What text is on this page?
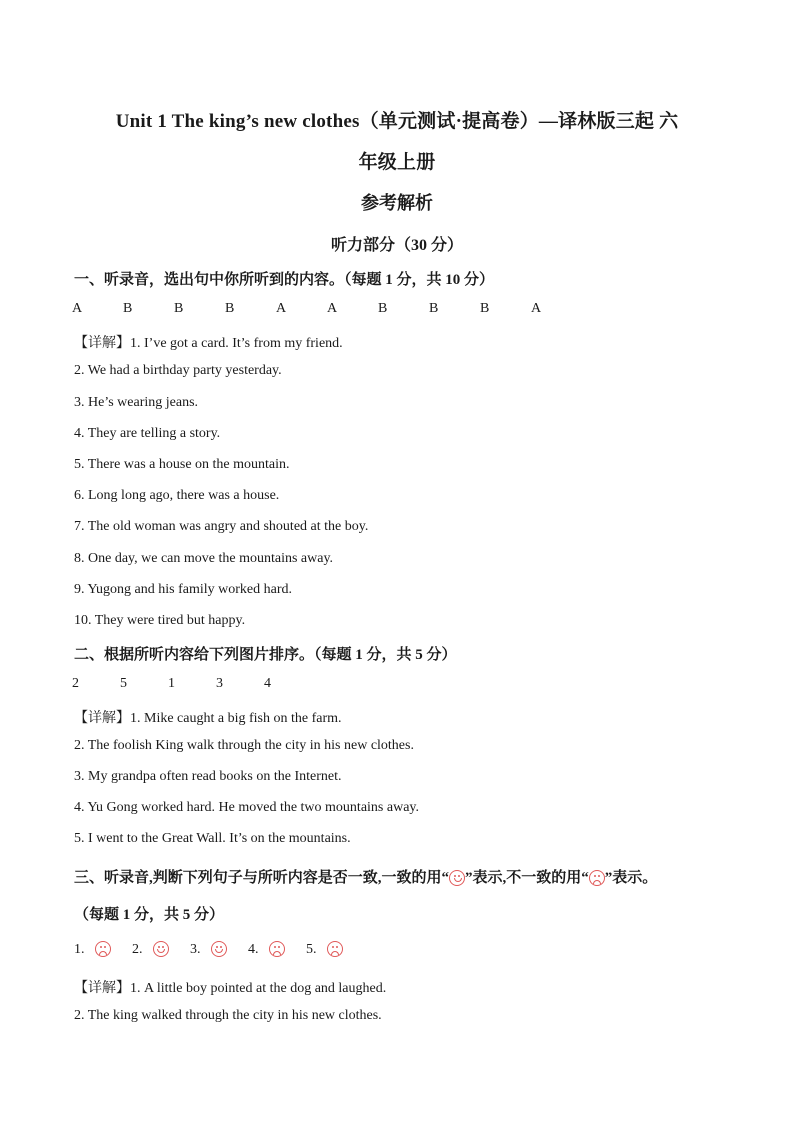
Unit 1 The king’s new clothes（单元测试·提高卷）—译林版三起 六
年级上册
参考解析
听力部分（30 分）
一、听录音，选出句中你所听到的内容。（每题 1 分，共 10 分）
A	B	B	B	A	A	B	B	B	A
【详解】1. I’ve got a card. It’s from my friend.
2. We had a birthday party yesterday.
3. He’s wearing jeans.
4. They are telling a story.
5. There was a house on the mountain.
6. Long long ago, there was a house.
7. The old woman was angry and shouted at the boy.
8. One day, we can move the mountains away.
9. Yugong and his family worked hard.
10. They were tired but happy.
二、根据所听内容给下列图片排序。（每题 1 分，共 5 分）
2	5	1	3	4
【详解】1. Mike caught a big fish on the farm.
2. The foolish King walk through the city in his new clothes.
3. My grandpa often read books on the Internet.
4. Yu Gong worked hard. He moved the two mountains away.
5. I went to the Great Wall. It’s on the mountains.
三、听录音,判断下列句子与所听内容是否一致,一致的用“ ”表示,不一致的用“ ”表示。
（每题 1 分，共 5 分）
1.	2.	3.	4.	5.
【详解】1. A little boy pointed at the dog and laughed.
2. The king walked through the city in his new clothes.
